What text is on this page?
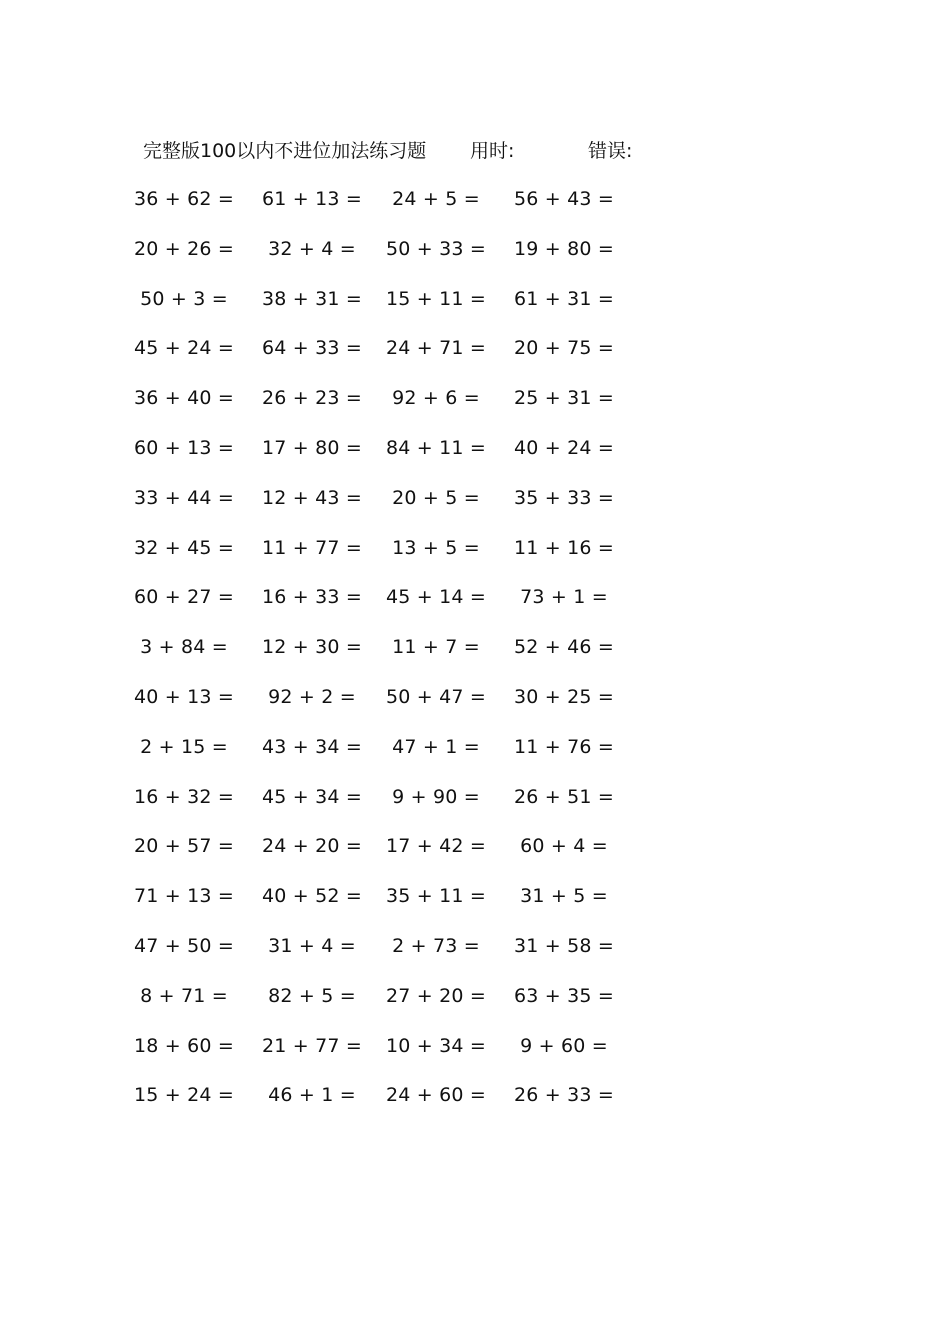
完整版100以内不进位加法练习题 用时:	错误:
36 + 62 = 61 + 13 = 24 + 5 = 56 + 43 =
20 + 26 = 32 + 4 = 50 + 33 = 19 + 80 =
50 + 3 = 38 + 31 = 15 + 11 = 61 + 31 =
45 + 24 = 64 + 33 = 24 + 71 = 20 + 75 =
36 + 40 = 26 + 23 = 92 + 6 = 25 + 31 =
60 + 13 = 17 + 80 = 84 + 11 = 40 + 24 =
33 + 44 = 12 + 43 = 20 + 5 = 35 + 33 =
32 + 45 = 11 + 77 = 13 + 5 = 11 + 16 =
60 + 27 = 16 + 33 = 45 + 14 = 73 + 1 =
3 + 84 = 12 + 30 = 11 + 7 = 52 + 46 =
40 + 13 = 92 + 2 = 50 + 47 = 30 + 25 =
2 + 15 = 43 + 34 = 47 + 1 = 11 + 76 =
16 + 32 = 45 + 34 = 9 + 90 = 26 + 51 =
20 + 57 = 24 + 20 = 17 + 42 = 60 + 4 =
71 + 13 = 40 + 52 = 35 + 11 = 31 + 5 =
47 + 50 = 31 + 4 = 2 + 73 = 31 + 58 =
8 + 71 = 82 + 5 = 27 + 20 = 63 + 35 =
18 + 60 = 21 + 77 = 10 + 34 = 9 + 60 =
15 + 24 = 46 + 1 = 24 + 60 = 26 + 33 =
